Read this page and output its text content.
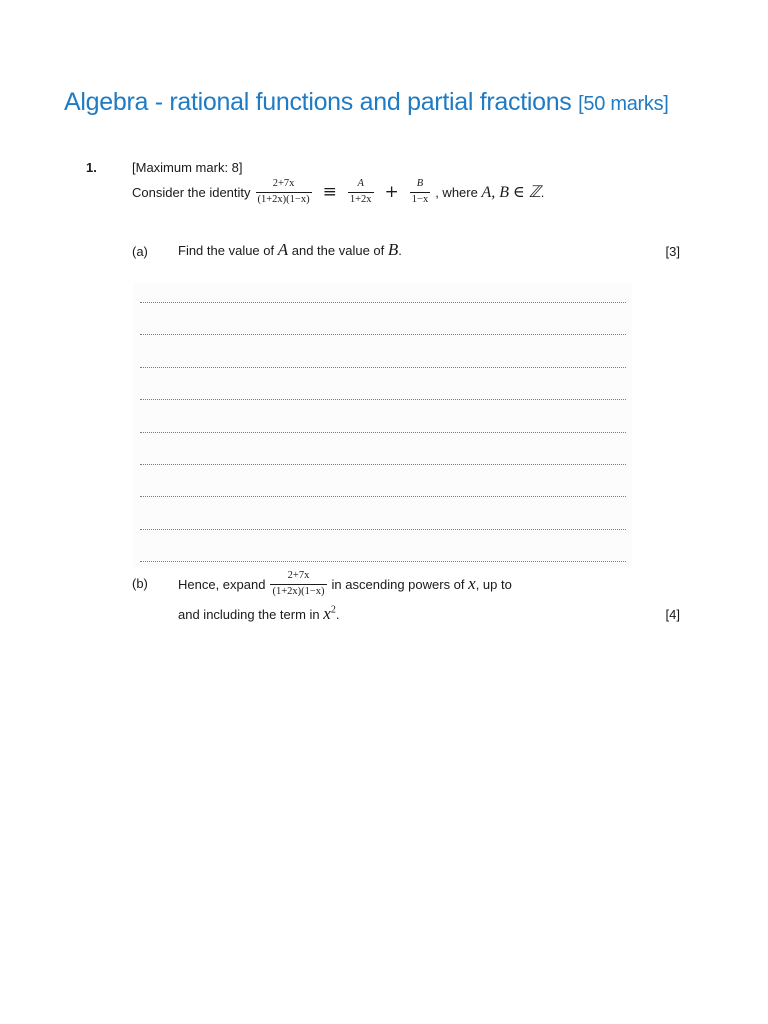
Algebra - rational functions and partial fractions [50 marks]
1.	[Maximum mark: 8]
Consider the identity $\frac{2+7x}{(1+2x)(1-x)} \equiv \frac{A}{1+2x} + \frac{B}{1-x}$ , where A, B ∈ ℤ .
(a) Find the value of A and the value of B .	[3]
(b) Hence, expand $\frac{2+7x}{(1+2x)(1-x)}$ in ascending powers of x , up to
and including the term in $x^2$ .	[4]
